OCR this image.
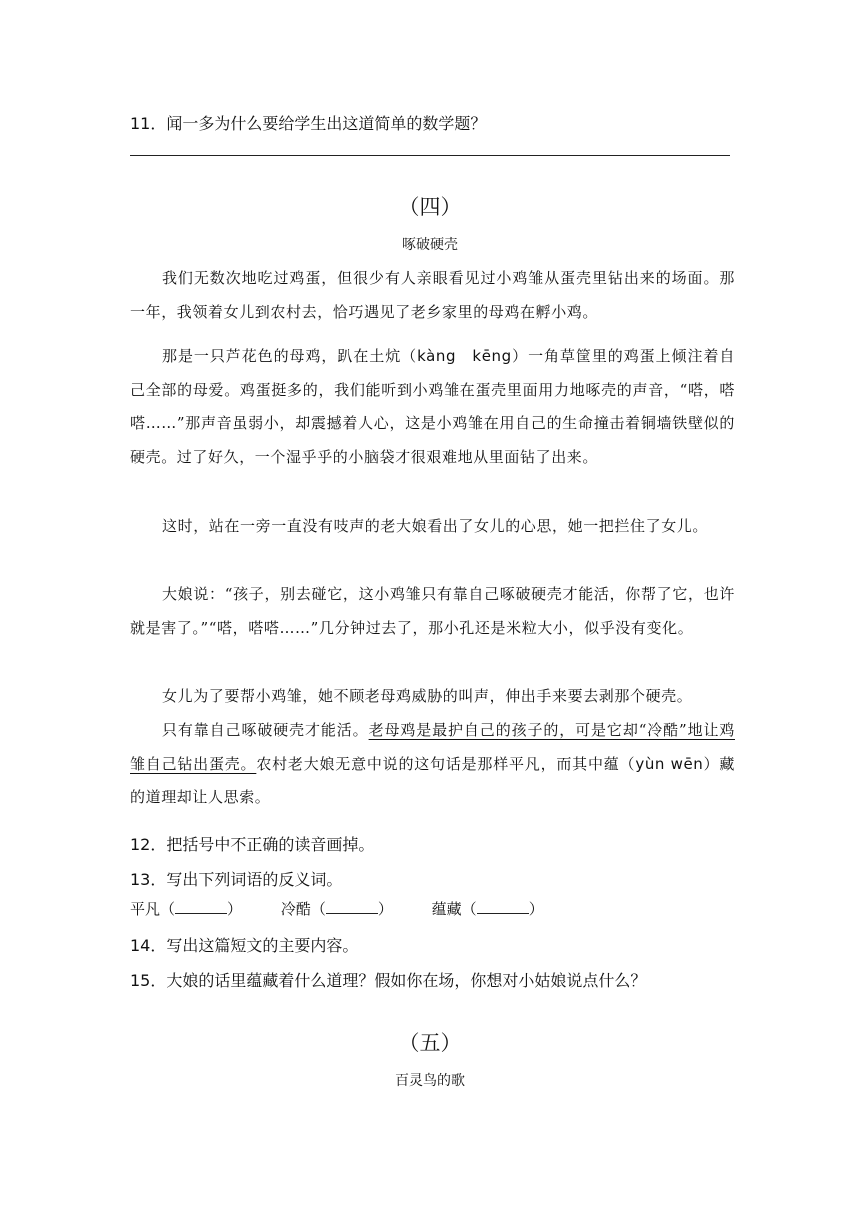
11．闻一多为什么要给学生出这道简单的数学题？
（四）
啄破硬壳
我们无数次地吃过鸡蛋，但很少有人亲眼看见过小鸡雏从蛋壳里钻出来的场面。那一年，我领着女儿到农村去，恰巧遇见了老乡家里的母鸡在孵小鸡。
那是一只芦花色的母鸡，趴在土炕（kàng　kēng）一角草筐里的鸡蛋上倾注着自己全部的母爱。鸡蛋挺多的，我们能听到小鸡雏在蛋壳里面用力地啄壳的声音，“嗒，嗒嗒……”那声音虽弱小，却震撼着人心，这是小鸡雏在用自己的生命撞击着铜墙铁壁似的硬壳。过了好久，一个湿乎乎的小脑袋才很艰难地从里面钻了出来。
这时，站在一旁一直没有吱声的老大娘看出了女儿的心思，她一把拦住了女儿。
大娘说：“孩子，别去碰它，这小鸡雏只有靠自己啄破硬壳才能活，你帮了它，也许就是害了。”“嗒，嗒嗒……”几分钟过去了，那小孔还是米粒大小，似乎没有变化。
女儿为了要帮小鸡雏，她不顾老母鸡威胁的叫声，伸出手来要去剥那个硬壳。
只有靠自己啄破硬壳才能活。老母鸡是最护自己的孩子的，可是它却“冷酷”地让鸡雏自己钻出蛋壳。农村老大娘无意中说的这句话是那样平凡，而其中蕴（yùn wēn）藏的道理却让人思索。
12．把括号中不正确的读音画掉。
13．写出下列词语的反义词。
平凡（	）	冷酷（	）	蕴藏（	）
14．写出这篇短文的主要内容。
15．大娘的话里蕴藏着什么道理？假如你在场，你想对小姑娘说点什么？
（五）
百灵鸟的歌
